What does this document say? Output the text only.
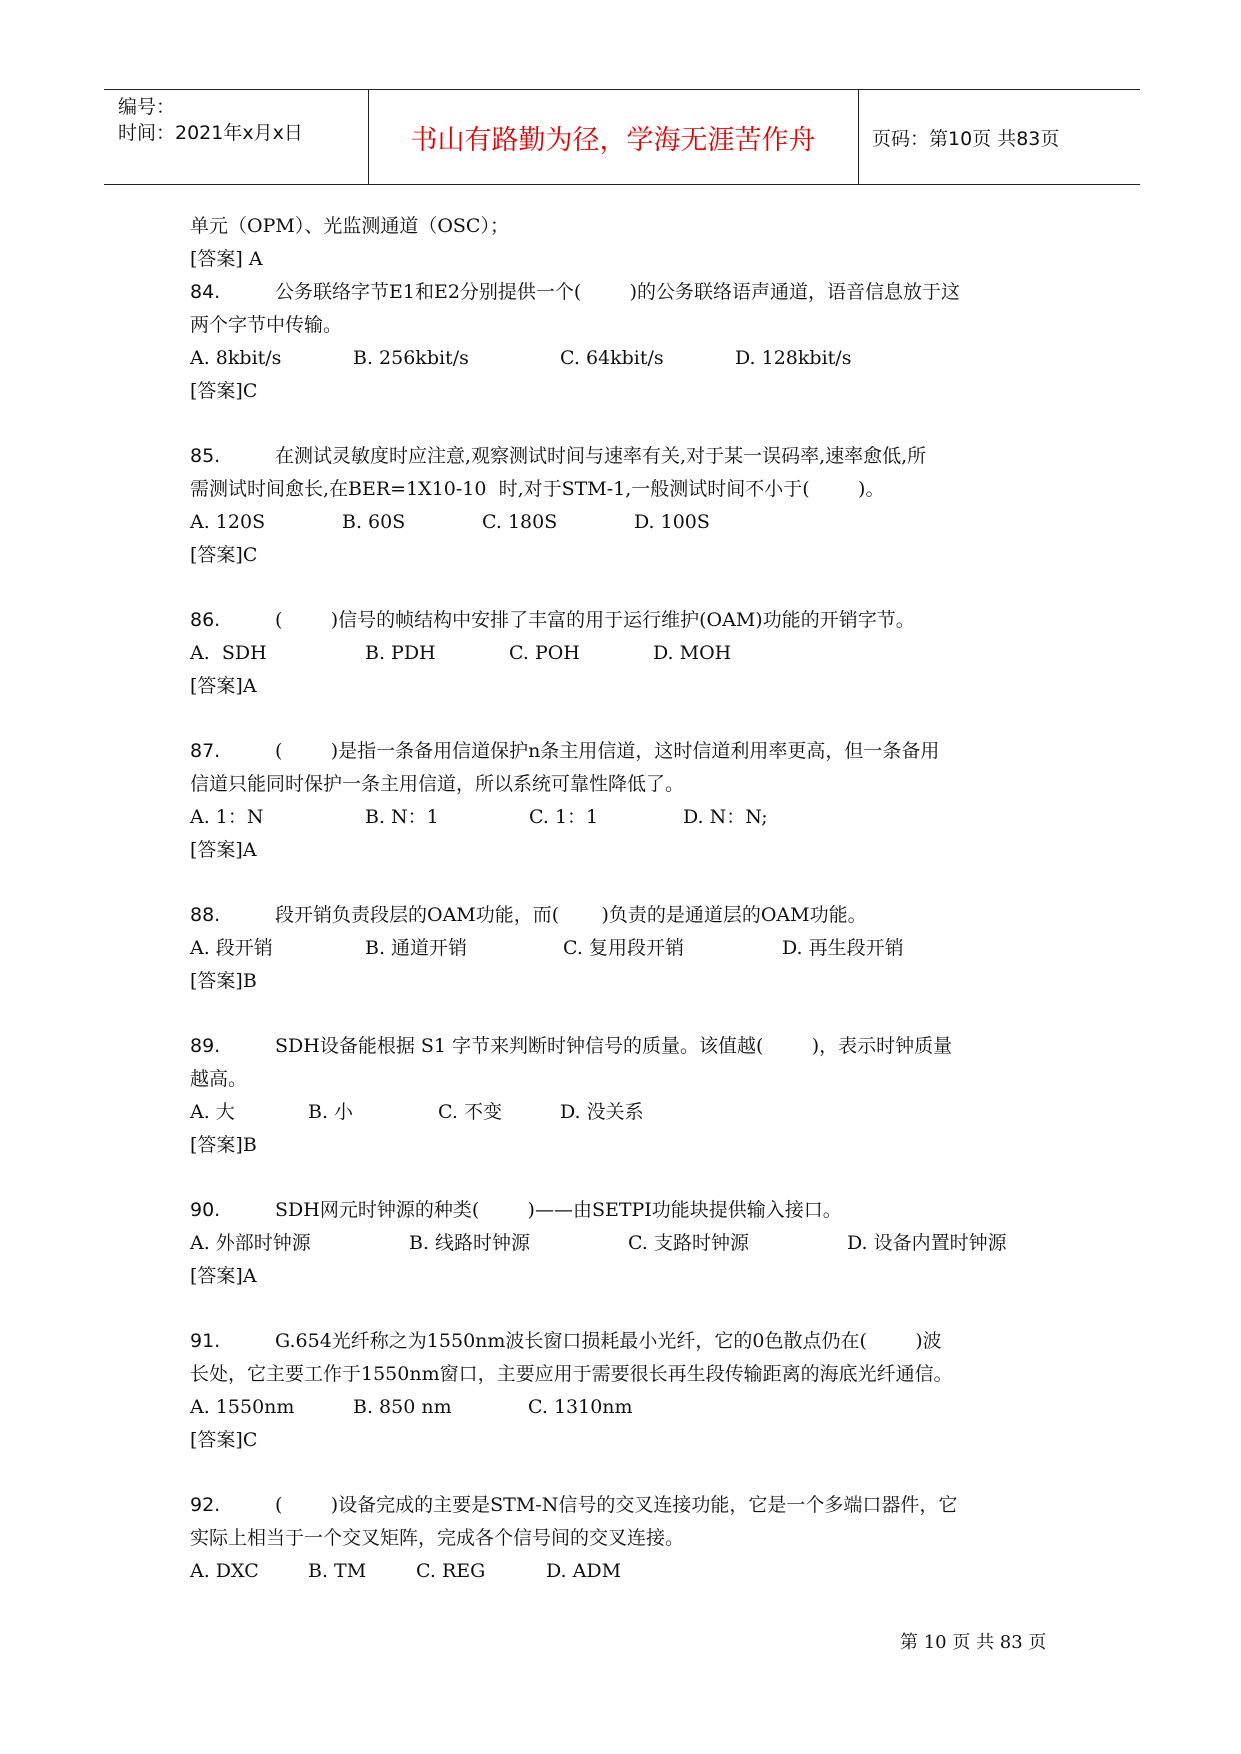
编号：
时间：2021年x月x日	书山有路勤为径，学海无涯苦作舟	页码：第10页 共83页
单元（OPM）、光监测通道（OSC）；
[答案] A
84.	公务联络字节E1和E2分别提供一个(        )的公务联络语声通道，语音信息放于这
两个字节中传输。
A. 8kbit/s	B. 256kbit/s	C. 64kbit/s	D. 128kbit/s
[答案]C
85.	在测试灵敏度时应注意,观察测试时间与速率有关,对于某一误码率,速率愈低,所
需测试时间愈长,在BER=1X10-10  时,对于STM-1,一般测试时间不小于(        )。
A. 120S	B. 60S	C. 180S	D. 100S
[答案]C
86.	(        )信号的帧结构中安排了丰富的用于运行维护(OAM)功能的开销字节。
A.  SDH	B. PDH	C. POH	D. MOH
[答案]A
87.	(        )是指一条备用信道保护n条主用信道，这时信道利用率更高，但一条备用
信道只能同时保护一条主用信道，所以系统可靠性降低了。
A. 1：N	B. N：1	C. 1：1	D. N：N;
[答案]A
88.	段开销负责段层的OAM功能，而(       )负责的是通道层的OAM功能。
A. 段开销	B. 通道开销	C. 复用段开销	D. 再生段开销
[答案]B
89.	SDH设备能根据 S1 字节来判断时钟信号的质量。该值越(        )，表示时钟质量
越高。
A. 大	B. 小	C. 不变	D. 没关系
[答案]B
90.	SDH网元时钟源的种类(        )——由SETPI功能块提供输入接口。
A. 外部时钟源	B. 线路时钟源	C. 支路时钟源	D. 设备内置时钟源
[答案]A
91.	G.654光纤称之为1550nm波长窗口损耗最小光纤，它的0色散点仍在(        )波
长处，它主要工作于1550nm窗口，主要应用于需要很长再生段传输距离的海底光纤通信。
A. 1550nm	B. 850 nm	C. 1310nm
[答案]C
92.	(        )设备完成的主要是STM-N信号的交叉连接功能，它是一个多端口器件，它
实际上相当于一个交叉矩阵，完成各个信号间的交叉连接。
A. DXC	B. TM	C. REG	D. ADM
第 10 页 共 83 页
